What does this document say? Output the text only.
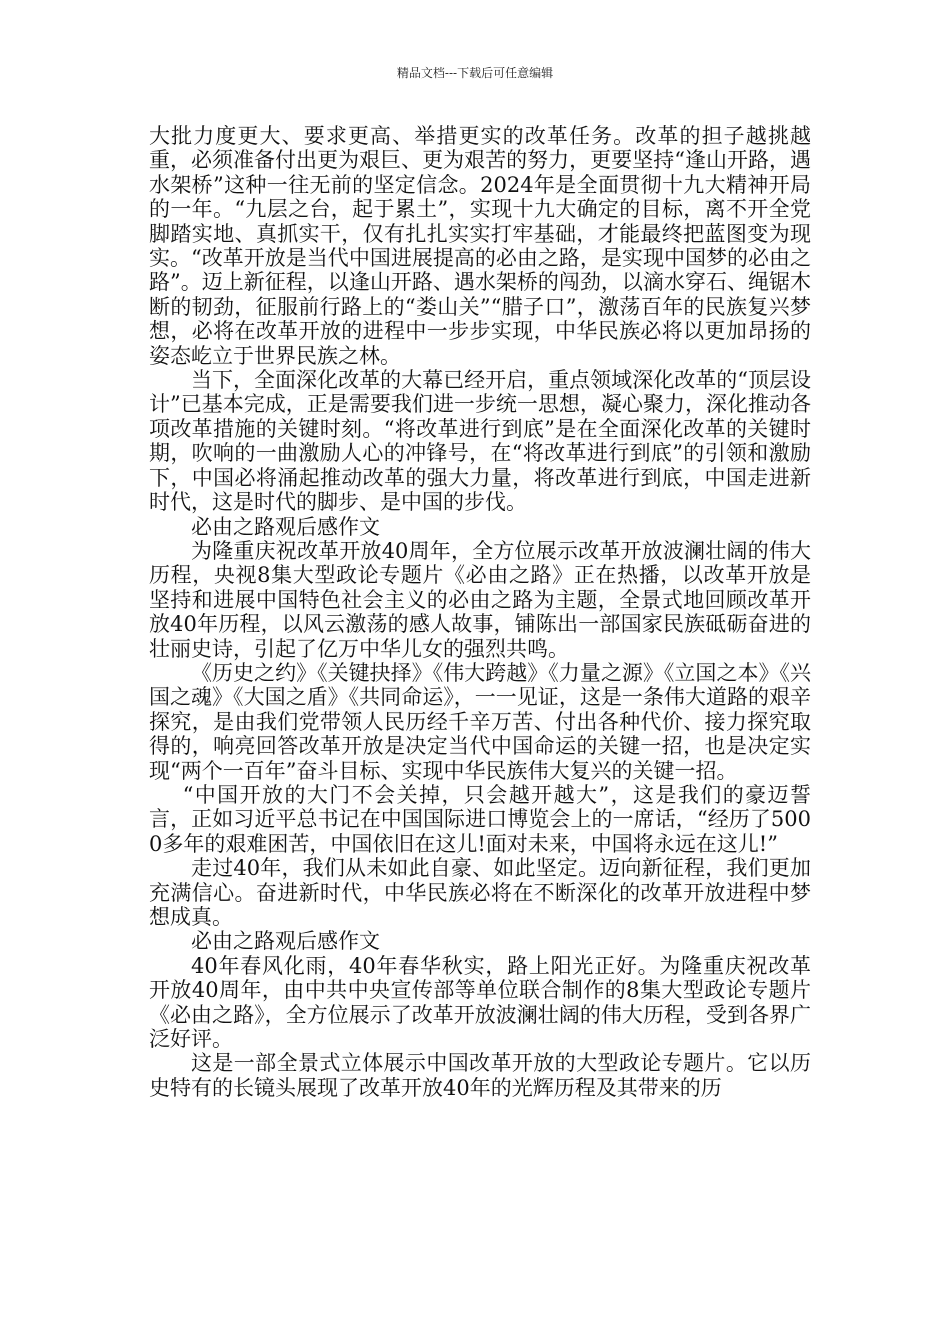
精品文档---下载后可任意编辑

大批力度更大、要求更高、举措更实的改革任务。改革的担子越挑越重，必须准备付出更为艰巨、更为艰苦的努力，更要坚持“逢山开路，遇水架桥”这种一往无前的坚定信念。2024年是全面贯彻十九大精神开局的一年。“九层之台，起于累土”，实现十九大确定的目标，离不开全党脚踏实地、真抓实干，仅有扎扎实实打牢基础，才能最终把蓝图变为现实。“改革开放是当代中国进展提高的必由之路，是实现中国梦的必由之路”。迈上新征程，以逢山开路、遇水架桥的闯劲，以滴水穿石、绳锯木断的韧劲，征服前行路上的“娄山关”“腊子口”，激荡百年的民族复兴梦想，必将在改革开放的进程中一步步实现，中华民族必将以更加昂扬的姿态屹立于世界民族之林。

当下，全面深化改革的大幕已经开启，重点领域深化改革的“顶层设计”已基本完成，正是需要我们进一步统一思想，凝心聚力，深化推动各项改革措施的关键时刻。“将改革进行到底”是在全面深化改革的关键时期，吹响的一曲激励人心的冲锋号，在“将改革进行到底”的引领和激励下，中国必将涌起推动改革的强大力量，将改革进行到底，中国走进新时代，这是时代的脚步、是中国的步伐。

必由之路观后感作文

为隆重庆祝改革开放40周年，全方位展示改革开放波澜壮阔的伟大历程，央视8集大型政论专题片《必由之路》正在热播，以改革开放是坚持和进展中国特色社会主义的必由之路为主题，全景式地回顾改革开放40年历程，以风云激荡的感人故事，铺陈出一部国家民族砥砺奋进的壮丽史诗，引起了亿万中华儿女的强烈共鸣。

《历史之约》《关键抉择》《伟大跨越》《力量之源》《立国之本》《兴国之魂》《大国之盾》《共同命运》，一一见证，这是一条伟大道路的艰辛探究，是由我们党带领人民历经千辛万苦、付出各种代价、接力探究取得的，响亮回答改革开放是决定当代中国命运的关键一招，也是决定实现“两个一百年”奋斗目标、实现中华民族伟大复兴的关键一招。

“中国开放的大门不会关掉，只会越开越大”，这是我们的豪迈誓言，正如习近平总书记在中国国际进口博览会上的一席话，“经历了5000多年的艰难困苦，中国依旧在这儿!面对未来，中国将永远在这儿!”

走过40年，我们从未如此自豪、如此坚定。迈向新征程，我们更加充满信心。奋进新时代，中华民族必将在不断深化的改革开放进程中梦想成真。

必由之路观后感作文

40年春风化雨，40年春华秋实，路上阳光正好。为隆重庆祝改革开放40周年，由中共中央宣传部等单位联合制作的8集大型政论专题片《必由之路》，全方位展示了改革开放波澜壮阔的伟大历程，受到各界广泛好评。

这是一部全景式立体展示中国改革开放的大型政论专题片。它以历史特有的长镜头展现了改革开放40年的光辉历程及其带来的历
